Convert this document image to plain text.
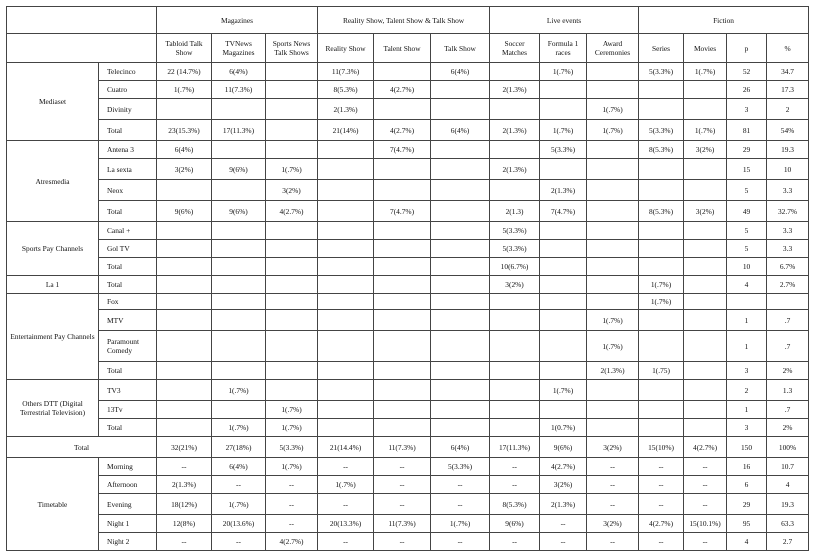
		Magazines			Reality Show, Talent Show & Talk Show			Live events			Fiction			
		Tabloid Talk Show	TVNews Magazines	Sports News Talk Shows	Reality Show	Talent Show	Talk Show	Soccer Matches	Formula 1 races	Award Ceremonies	Series	Movies	p	%
Mediaset	Telecinco	22 (14.7%)	6(4%)		11(7.3%)		6(4%)		1(.7%)		5(3.3%)	1(.7%)	52	34.7
	Cuatro	1(.7%)	11(7.3%)		8(5.3%)	4(2.7%)		2(1.3%)					26	17.3
	Divinity				2(1.3%)					1(.7%)			3	2
	Total	23(15.3%)	17(11.3%)		21(14%)	4(2.7%)	6(4%)	2(1.3%)	1(.7%)	1(.7%)	5(3.3%)	1(.7%)	81	54%
Atresmedia	Antena 3	6(4%)				7(4.7%)			5(3.3%)		8(5.3%)	3(2%)	29	19.3
	La sexta	3(2%)	9(6%)	1(.7%)				2(1.3%)					15	10
	Neox			3(2%)					2(1.3%)				5	3.3
	Total	9(6%)	9(6%)	4(2.7%)		7(4.7%)		2(1.3)	7(4.7%)		8(5.3%)	3(2%)	49	32.7%
Sports Pay Channels	Canal +							5(3.3%)					5	3.3
	Gol TV							5(3.3%)					5	3.3
	Total							10(6.7%)					10	6.7%
La 1	Total							3(2%)			1(.7%)		4	2.7%
Entertainment Pay Channels	Fox										1(.7%)			
	MTV									1(.7%)			1	.7
	Paramount Comedy									1(.7%)			1	.7
	Total									2(1.3%)	1(.75)		3	2%
Others DTT (Digital Terrestrial Television)	TV3		1(.7%)						1(.7%)				2	1.3
	13Tv			1(.7%)									1	.7
	Total		1(.7%)	1(.7%)					1(0.7%)				3	2%
Total		32(21%)	27(18%)	5(3.3%)	21(14.4%)	11(7.3%)	6(4%)	17(11.3%)	9(6%)	3(2%)	15(10%)	4(2.7%)	150	100%
Timetable	Morning	--	6(4%)	1(.7%)	--	--	5(3.3%)	--	4(2.7%)	--	--	--	16	10.7
	Afternoon	2(1.3%)	--	--	1(.7%)	--	--	--	3(2%)	--	--	--	6	4
	Evening	18(12%)	1(.7%)	--	--	--	--	8(5.3%)	2(1.3%)	--	--	--	29	19.3
	Night 1	12(8%)	20(13.6%)	--	20(13.3%)	11(7.3%)	1(.7%)	9(6%)	--	3(2%)	4(2.7%)	15(10.1%)	95	63.3
	Night 2	--	--	4(2.7%)	--	--	--	--	--	--	--	--	4	2.7
